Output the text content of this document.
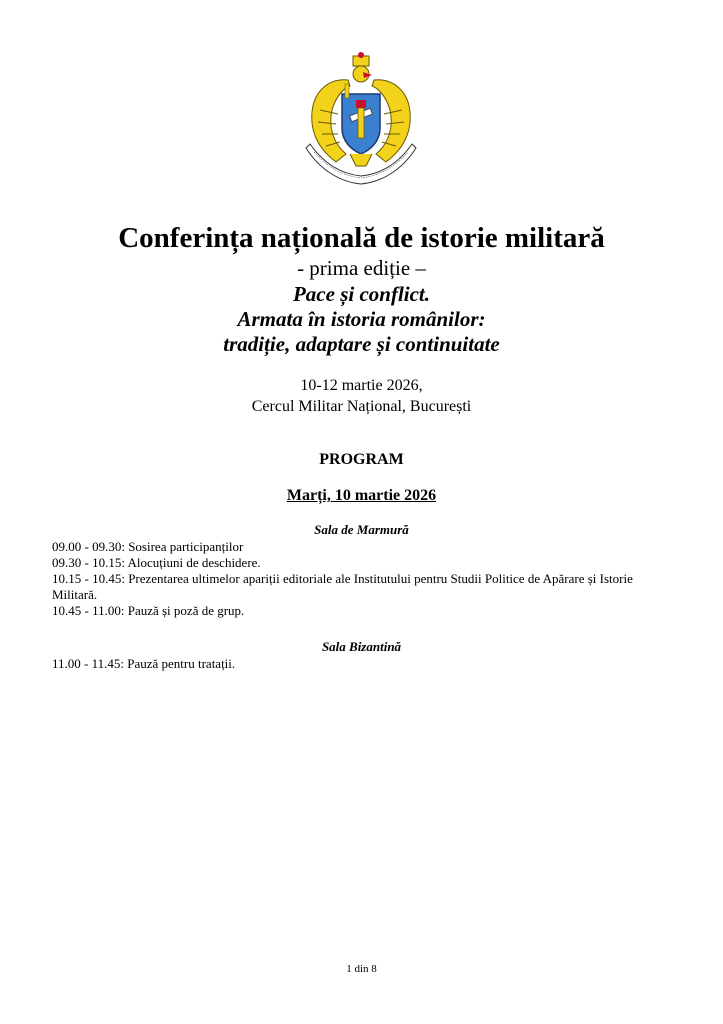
Conferința națională de istorie militară
- prima ediție –
Pace și conflict.
Armata în istoria românilor:
tradiție, adaptare și continuitate
10-12 martie 2026,
Cercul Militar Național, București
PROGRAM
Marți, 10 martie 2026
Sala de Marmură
09.00 - 09.30: Sosirea participanților
09.30 - 10.15: Alocuțiuni de deschidere.
10.15 - 10.45: Prezentarea ultimelor apariții editoriale ale Institutului pentru Studii Politice de Apărare și Istorie Militară.
10.45 - 11.00: Pauză și poză de grup.
Sala Bizantină
11.00 - 11.45: Pauză pentru tratații.
1 din 8
